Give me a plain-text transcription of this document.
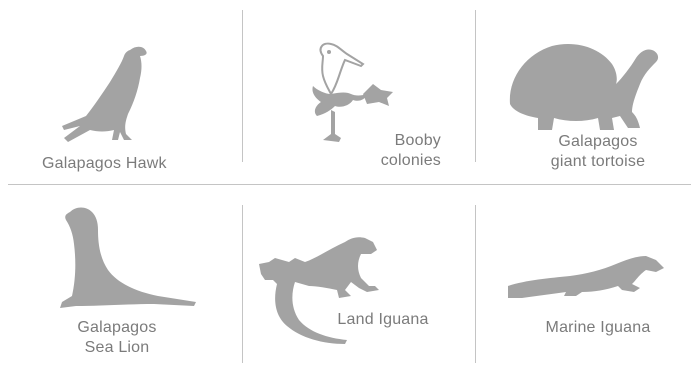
Galapagos Hawk
Booby
colonies
Galapagos
giant tortoise
Galapagos
Sea Lion
Land Iguana	Marine Iguana
